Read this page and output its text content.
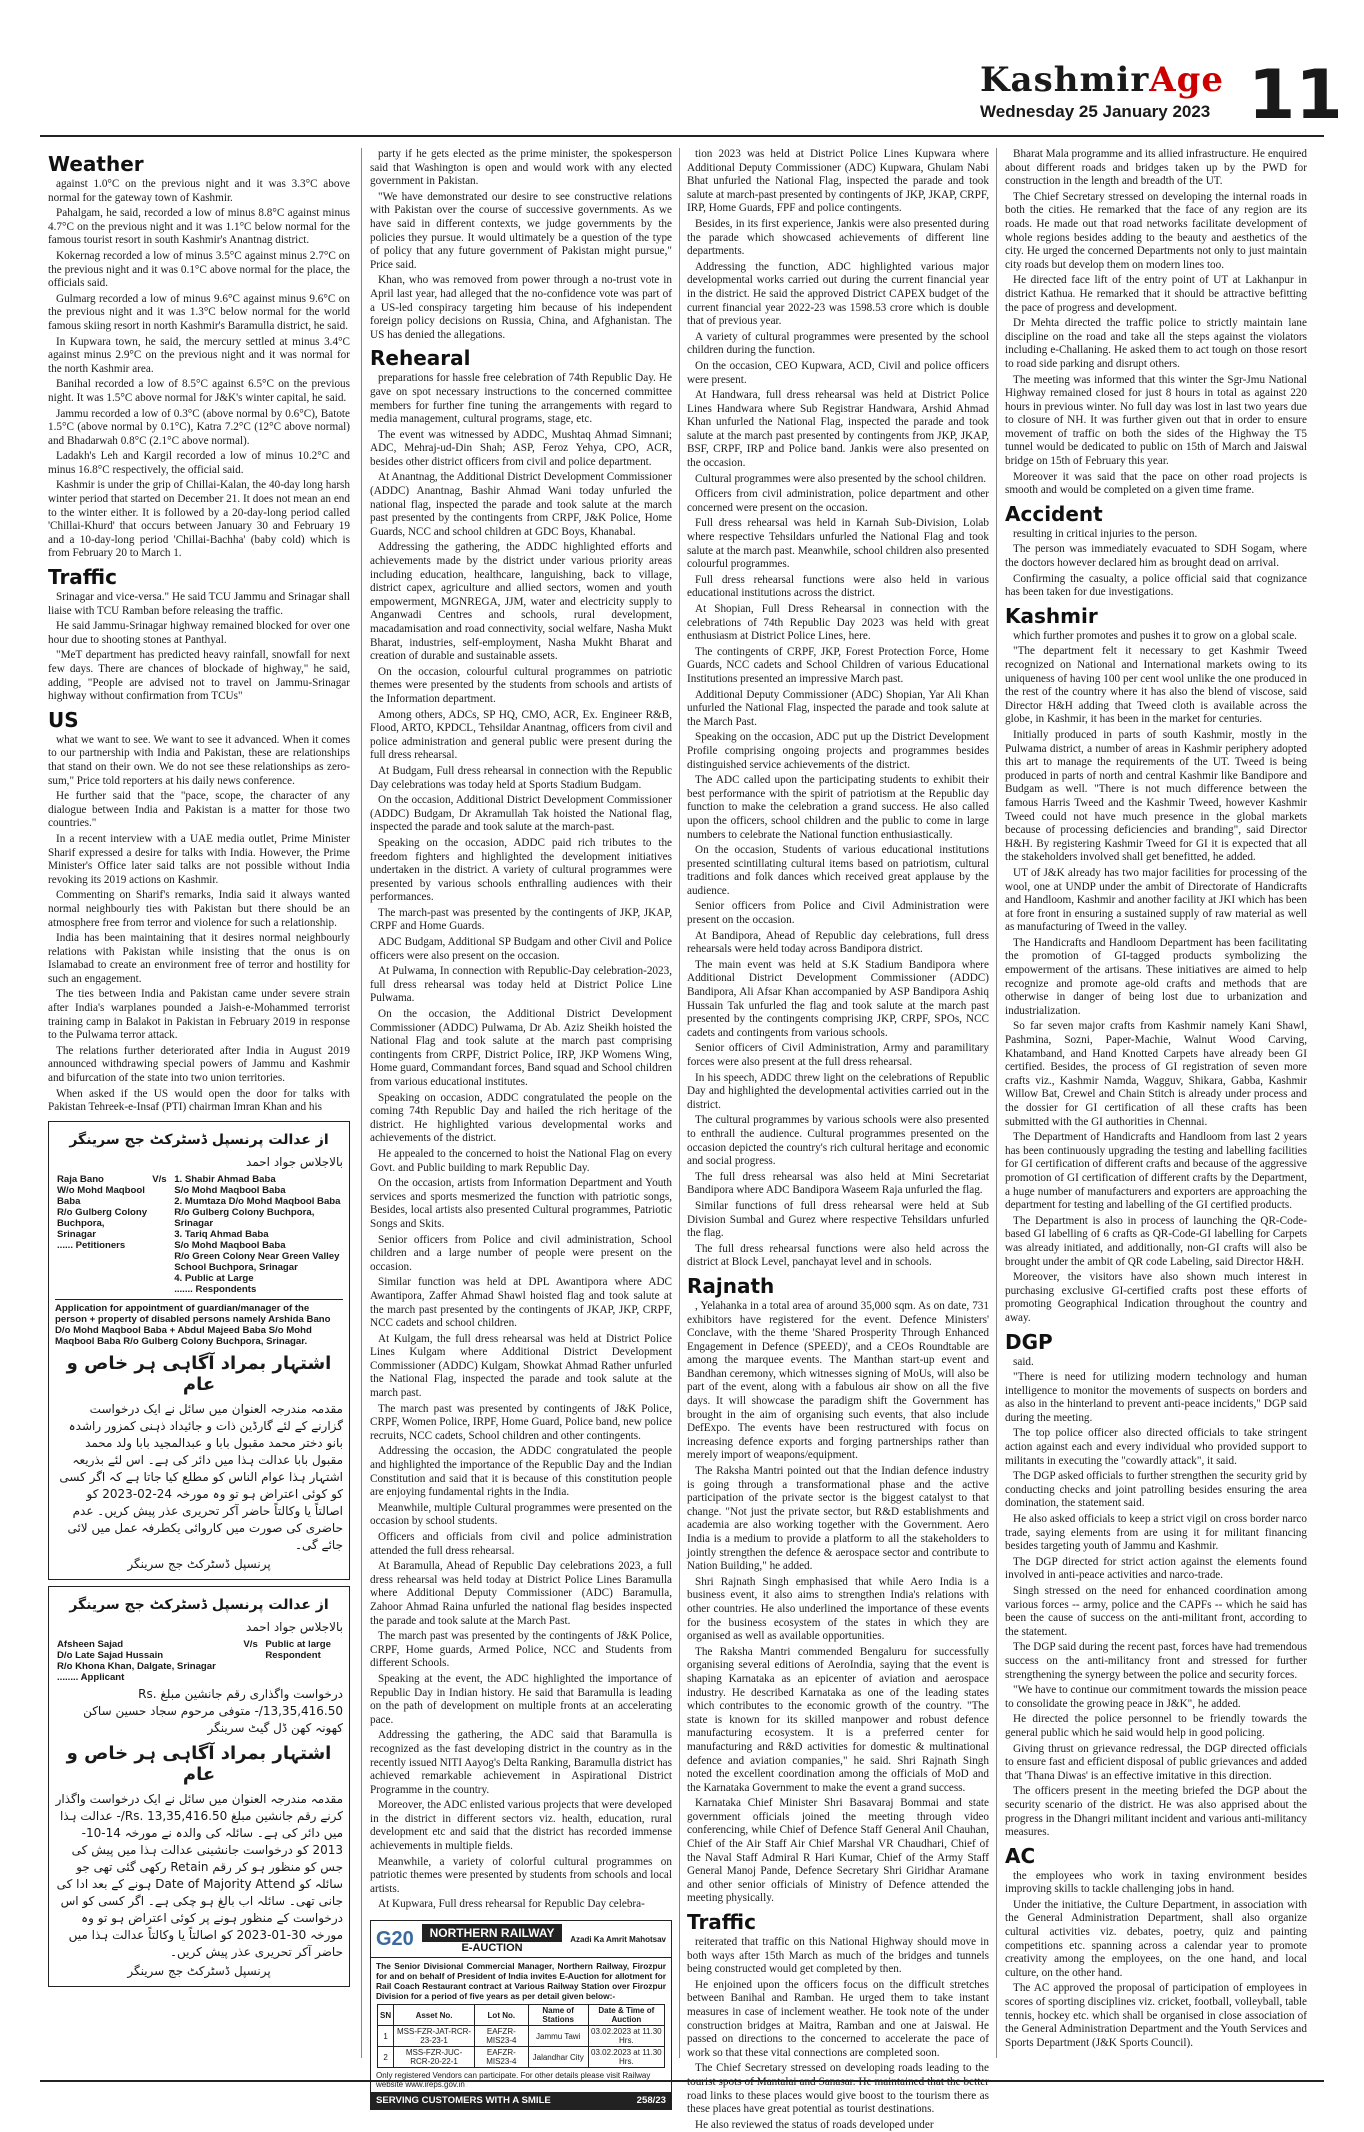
KashmirAge
Wednesday 25 January 2023 11
Weather

against 1.0°C on the previous night and it was 3.3°C above normal for the gateway town of Kashmir.

Pahalgam, he said, recorded a low of minus 8.8°C against minus 4.7°C on the previous night and it was 1.1°C below normal for the famous tourist resort in south Kashmir's Anantnag district.

Kokernag recorded a low of minus 3.5°C against minus 2.7°C on the previous night and it was 0.1°C above normal for the place, the officials said.

Gulmarg recorded a low of minus 9.6°C against minus 9.6°C on the previous night and it was 1.3°C below normal for the world famous skiing resort in north Kashmir's Baramulla district, he said.

In Kupwara town, he said, the mercury settled at minus 3.4°C against minus 2.9°C on the previous night and it was normal for the north Kashmir area.

Banihal recorded a low of 8.5°C against 6.5°C on the previous night. It was 1.5°C above normal for J&K's winter capital, he said.

Jammu recorded a low of 0.3°C (above normal by 0.6°C), Batote 1.5°C (above normal by 0.1°C), Katra 7.2°C (12°C above normal) and Bhadarwah 0.8°C (2.1°C above normal).

Ladakh's Leh and Kargil recorded a low of minus 10.2°C and minus 16.8°C respectively, the official said.

Kashmir is under the grip of Chillai-Kalan, the 40-day long harsh winter period that started on December 21. It does not mean an end to the winter either. It is followed by a 20-day-long period called 'Chillai-Khurd' that occurs between January 30 and February 19 and a 10-day-long period 'Chillai-Bachha' (baby cold) which is from February 20 to March 1.

Traffic

Srinagar and vice-versa." He said TCU Jammu and Srinagar shall liaise with TCU Ramban before releasing the traffic.

He said Jammu-Srinagar highway remained blocked for over one hour due to shooting stones at Panthyal.

"MeT department has predicted heavy rainfall, snowfall for next few days. There are chances of blockade of highway," he said, adding, "People are advised not to travel on Jammu-Srinagar highway without confirmation from TCUs"

US

what we want to see. We want to see it advanced. When it comes to our partnership with India and Pakistan, these are relationships that stand on their own. We do not see these relationships as zero-sum," Price told reporters at his daily news conference.

He further said that the "pace, scope, the character of any dialogue between India and Pakistan is a matter for those two countries."

In a recent interview with a UAE media outlet, Prime Minister Sharif expressed a desire for talks with India. However, the Prime Minister's Office later said talks are not possible without India revoking its 2019 actions on Kashmir.

Commenting on Sharif's remarks, India said it always wanted normal neighbourly ties with Pakistan but there should be an atmosphere free from terror and violence for such a relationship.

India has been maintaining that it desires normal neighbourly relations with Pakistan while insisting that the onus is on Islamabad to create an environment free of terror and hostility for such an engagement.

The ties between India and Pakistan came under severe strain after India's warplanes pounded a Jaish-e-Mohammed terrorist training camp in Balakot in Pakistan in February 2019 in response to the Pulwama terror attack.

The relations further deteriorated after India in August 2019 announced withdrawing special powers of Jammu and Kashmir and bifurcation of the state into two union territories.

When asked if the US would open the door for talks with Pakistan Tehreek-e-Insaf (PTI) chairman Imran Khan and his

از عدالت پرنسپل ڈسٹرکٹ جج سرینگر
بالاجلاس جواد احمد
Raja Bano
W/o Mohd Maqbool Baba
R/o Gulberg Colony Buchpora,
Srinagar
...... Petitioners
	V/s	1. Shabir Ahmad Baba
S/o Mohd Maqbool Baba
2. Mumtaza D/o Mohd Maqbool Baba
R/o Gulberg Colony Buchpora, Srinagar
3. Tariq Ahmad Baba
S/o Mohd Maqbool Baba
R/o Green Colony Near Green Valley School Buchpora, Srinagar
4. Public at Large
....... Respondents
Application for appointment of guardian/manager of the person + property of disabled persons namely Arshida Bano D/o Mohd Maqbool Baba + Abdul Majeed Baba S/o Mohd Maqbool Baba R/o Gulberg Colony Buchpora, Srinagar.
اشتہار بمراد آگاہی ہر خاص و عام
مقدمہ مندرجہ العنوان میں سائل نے ایک درخواست گزارنے کے لئے گارڈین ذات و جائیداد ذہنی کمزور راشدہ بانو دختر محمد مقبول بابا و عبدالمجید بابا ولد محمد مقبول بابا عدالت ہذا میں دائر کی ہے۔ اس لئے بذریعہ اشتہار ہذا عوام الناس کو مطلع کیا جاتا ہے کہ اگر کسی کو کوئی اعتراض ہو تو وہ مورخہ 24-02-2023 کو اصالتاً یا وکالتاً حاضر آکر تحریری عذر پیش کریں۔ عدم حاضری کی صورت میں کاروائی یکطرفہ عمل میں لائی جائے گی۔
پرنسپل ڈسٹرکٹ جج سرینگر
از عدالت پرنسپل ڈسٹرکٹ جج سرینگر
بالاجلاس جواد احمد
Afsheen Sajad
D/o Late Sajad Hussain
R/o Khona Khan, Dalgate, Srinagar
........ Applicant
	V/s	Public at large
Respondent
درخواست واگذاری رقم جانشین مبلغ Rs. 13,35,416.50/- متوفی مرحوم سجاد حسین ساکن کھونہ کھن ڈل گیٹ سرینگر
اشتہار بمراد آگاہی ہر خاص و عام
مقدمہ مندرجہ العنوان میں سائل نے ایک درخواست واگذار کرنے رقم جانشین مبلغ Rs. 13,35,416.50/- عدالت ہذا میں دائر کی ہے۔ سائلہ کی والدہ نے مورخہ 14-10-2013 کو درخواست جانشینی عدالت ہذا میں پیش کی جس کو منظور ہو کر رقم Retain رکھی گئی تھی جو سائلہ کو Date of Majority Attend ہونے کے بعد ادا کی جانی تھی۔ سائلہ اب بالغ ہو چکی ہے۔ اگر کسی کو اس درخواست کے منظور ہونے پر کوئی اعتراض ہو تو وہ مورخہ 30-01-2023 کو اصالتاً یا وکالتاً عدالت ہذا میں حاضر آکر تحریری عذر پیش کریں۔
پرنسپل ڈسٹرکٹ جج سرینگر

party if he gets elected as the prime minister, the spokesperson said that Washington is open and would work with any elected government in Pakistan.

"We have demonstrated our desire to see constructive relations with Pakistan over the course of successive governments. As we have said in different contexts, we judge governments by the policies they pursue. It would ultimately be a question of the type of policy that any future government of Pakistan might pursue," Price said.

Khan, who was removed from power through a no-trust vote in April last year, had alleged that the no-confidence vote was part of a US-led conspiracy targeting him because of his independent foreign policy decisions on Russia, China, and Afghanistan. The US has denied the allegations.

Rehearal

preparations for hassle free celebration of 74th Republic Day. He gave on spot necessary instructions to the concerned committee members for further fine tuning the arrangements with regard to media management, cultural programs, stage, etc.

The event was witnessed by ADDC, Mushtaq Ahmad Simnani; ADC, Mehraj-ud-Din Shah; ASP, Feroz Yehya, CPO, ACR, besides other district officers from civil and police department.

At Anantnag, the Additional District Development Commissioner (ADDC) Anantnag, Bashir Ahmad Wani today unfurled the national flag, inspected the parade and took salute at the march past presented by the contingents from CRPF, J&K Police, Home Guards, NCC and school children at GDC Boys, Khanabal.

Addressing the gathering, the ADDC highlighted efforts and achievements made by the district under various priority areas including education, healthcare, languishing, back to village, district capex, agriculture and allied sectors, women and youth empowerment, MGNREGA, JJM, water and electricity supply to Anganwadi Centres and schools, rural development, macadamisation and road connectivity, social welfare, Nasha Mukt Bharat, industries, self-employment, Nasha Mukht Bharat and creation of durable and sustainable assets.

On the occasion, colourful cultural programmes on patriotic themes were presented by the students from schools and artists of the Information department.

Among others, ADCs, SP HQ, CMO, ACR, Ex. Engineer R&B, Flood, ARTO, KPDCL, Tehsildar Anantnag, officers from civil and police administration and general public were present during the full dress rehearsal.

At Budgam, Full dress rehearsal in connection with the Republic Day celebrations was today held at Sports Stadium Budgam.

On the occasion, Additional District Development Commissioner (ADDC) Budgam, Dr Akramullah Tak hoisted the National flag, inspected the parade and took salute at the march-past.

Speaking on the occasion, ADDC paid rich tributes to the freedom fighters and highlighted the development initiatives undertaken in the district. A variety of cultural programmes were presented by various schools enthralling audiences with their performances.

The march-past was presented by the contingents of JKP, JKAP, CRPF and Home Guards.

ADC Budgam, Additional SP Budgam and other Civil and Police officers were also present on the occasion.

At Pulwama, In connection with Republic-Day celebration-2023, full dress rehearsal was today held at District Police Line Pulwama.

On the occasion, the Additional District Development Commissioner (ADDC) Pulwama, Dr Ab. Aziz Sheikh hoisted the National Flag and took salute at the march past comprising contingents from CRPF, District Police, IRP, JKP Womens Wing, Home guard, Commandant forces, Band squad and School children from various educational institutes.

Speaking on occasion, ADDC congratulated the people on the coming 74th Republic Day and hailed the rich heritage of the district. He highlighted various developmental works and achievements of the district.

He appealed to the concerned to hoist the National Flag on every Govt. and Public building to mark Republic Day.

On the occasion, artists from Information Department and Youth services and sports mesmerized the function with patriotic songs, Besides, local artists also presented Cultural programmes, Patriotic Songs and Skits.

Senior officers from Police and civil administration, School children and a large number of people were present on the occasion.

Similar function was held at DPL Awantipora where ADC Awantipora, Zaffer Ahmad Shawl hoisted flag and took salute at the march past presented by the contingents of JKAP, JKP, CRPF, NCC cadets and school children.

At Kulgam, the full dress rehearsal was held at District Police Lines Kulgam where Additional District Development Commissioner (ADDC) Kulgam, Showkat Ahmad Rather unfurled the National Flag, inspected the parade and took salute at the march past.

The march past was presented by contingents of J&K Police, CRPF, Women Police, IRPF, Home Guard, Police band, new police recruits, NCC cadets, School children and other contingents.

Addressing the occasion, the ADDC congratulated the people and highlighted the importance of the Republic Day and the Indian Constitution and said that it is because of this constitution people are enjoying fundamental rights in the India.

Meanwhile, multiple Cultural programmes were presented on the occasion by school students.

Officers and officials from civil and police administration attended the full dress rehearsal.

At Baramulla, Ahead of Republic Day celebrations 2023, a full dress rehearsal was held today at District Police Lines Baramulla where Additional Deputy Commissioner (ADC) Baramulla, Zahoor Ahmad Raina unfurled the national flag besides inspected the parade and took salute at the March Past.

The march past was presented by the contingents of J&K Police, CRPF, Home guards, Armed Police, NCC and Students from different Schools.

Speaking at the event, the ADC highlighted the importance of Republic Day in Indian history. He said that Baramulla is leading on the path of development on multiple fronts at an accelerating pace.

Addressing the gathering, the ADC said that Baramulla is recognized as the fast developing district in the country as in the recently issued NITI Aayog's Delta Ranking, Baramulla district has achieved remarkable achievement in Aspirational District Programme in the country.

Moreover, the ADC enlisted various projects that were developed in the district in different sectors viz. health, education, rural development etc and said that the district has recorded immense achievements in multiple fields.

Meanwhile, a variety of colorful cultural programmes on patriotic themes were presented by students from schools and local artists.

At Kupwara, Full dress rehearsal for Republic Day celebra-

G20	NORTHERN RAILWAY
E-AUCTION
Azadi Ka Amrit Mahotsav
The Senior Divisional Commercial Manager, Northern Railway, Firozpur for and on behalf of President of India invites E-Auction for allotment for Rail Coach Restaurant contract at Various Railway Station over Firozpur Division for a period of five years as per detail given below:-
SN	Asset No.	Lot No.	Name of Stations	Date & Time of Auction
1	MSS-FZR-JAT-RCR-23-23-1	EAFZR-MIS23-4	Jammu Tawi	03.02.2023 at 11.30 Hrs.
2	MSS-FZR-JUC-RCR-20-22-1	EAFZR-MIS23-4	Jalandhar City	03.02.2023 at 11.30 Hrs.
Only registered Vendors can participate. For other details please visit Railway website www.ireps.gov.in
SERVING CUSTOMERS WITH A SMILE	258/23

tion 2023 was held at District Police Lines Kupwara where Additional Deputy Commissioner (ADC) Kupwara, Ghulam Nabi Bhat unfurled the National Flag, inspected the parade and took salute at march-past presented by contingents of JKP, JKAP, CRPF, IRP, Home Guards, FPF and police contingents.

Besides, in its first experience, Jankis were also presented during the parade which showcased achievements of different line departments.

Addressing the function, ADC highlighted various major developmental works carried out during the current financial year in the district. He said the approved District CAPEX budget of the current financial year 2022-23 was 1598.53 crore which is double that of previous year.

A variety of cultural programmes were presented by the school children during the function.

On the occasion, CEO Kupwara, ACD, Civil and police officers were present.

At Handwara, full dress rehearsal was held at District Police Lines Handwara where Sub Registrar Handwara, Arshid Ahmad Khan unfurled the National Flag, inspected the parade and took salute at the march past presented by contingents from JKP, JKAP, BSF, CRPF, IRP and Police band. Jankis were also presented on the occasion.

Cultural programmes were also presented by the school children.

Officers from civil administration, police department and other concerned were present on the occasion.

Full dress rehearsal was held in Karnah Sub-Division, Lolab where respective Tehsildars unfurled the National Flag and took salute at the march past. Meanwhile, school children also presented colourful programmes.

Full dress rehearsal functions were also held in various educational institutions across the district.

At Shopian, Full Dress Rehearsal in connection with the celebrations of 74th Republic Day 2023 was held with great enthusiasm at District Police Lines, here.

The contingents of CRPF, JKP, Forest Protection Force, Home Guards, NCC cadets and School Children of various Educational Institutions presented an impressive March past.

Additional Deputy Commissioner (ADC) Shopian, Yar Ali Khan unfurled the National Flag, inspected the parade and took salute at the March Past.

Speaking on the occasion, ADC put up the District Development Profile comprising ongoing projects and programmes besides distinguished service achievements of the district.

The ADC called upon the participating students to exhibit their best performance with the spirit of patriotism at the Republic day function to make the celebration a grand success. He also called upon the officers, school children and the public to come in large numbers to celebrate the National function enthusiastically.

On the occasion, Students of various educational institutions presented scintillating cultural items based on patriotism, cultural traditions and folk dances which received great applause by the audience.

Senior officers from Police and Civil Administration were present on the occasion.

At Bandipora, Ahead of Republic day celebrations, full dress rehearsals were held today across Bandipora district.

The main event was held at S.K Stadium Bandipora where Additional District Development Commissioner (ADDC) Bandipora, Ali Afsar Khan accompanied by ASP Bandipora Ashiq Hussain Tak unfurled the flag and took salute at the march past presented by the contingents comprising JKP, CRPF, SPOs, NCC cadets and contingents from various schools.

Senior officers of Civil Administration, Army and paramilitary forces were also present at the full dress rehearsal.

In his speech, ADDC threw light on the celebrations of Republic Day and highlighted the developmental activities carried out in the district.

The cultural programmes by various schools were also presented to enthrall the audience. Cultural programmes presented on the occasion depicted the country's rich cultural heritage and economic and social progress.

The full dress rehearsal was also held at Mini Secretariat Bandipora where ADC Bandipora Waseem Raja unfurled the flag.

Similar functions of full dress rehearsal were held at Sub Division Sumbal and Gurez where respective Tehsildars unfurled the flag.

The full dress rehearsal functions were also held across the district at Block Level, panchayat level and in schools.

Rajnath

, Yelahanka in a total area of around 35,000 sqm. As on date, 731 exhibitors have registered for the event. Defence Ministers' Conclave, with the theme 'Shared Prosperity Through Enhanced Engagement in Defence (SPEED)', and a CEOs Roundtable are among the marquee events. The Manthan start-up event and Bandhan ceremony, which witnesses signing of MoUs, will also be part of the event, along with a fabulous air show on all the five days. It will showcase the paradigm shift the Government has brought in the aim of organising such events, that also include DefExpo. The events have been restructured with focus on increasing defence exports and forging partnerships rather than merely import of weapons/equipment.

The Raksha Mantri pointed out that the Indian defence industry is going through a transformational phase and the active participation of the private sector is the biggest catalyst to that change. "Not just the private sector, but R&D establishments and academia are also working together with the Government. Aero India is a medium to provide a platform to all the stakeholders to jointly strengthen the defence & aerospace sector and contribute to Nation Building," he added.

Shri Rajnath Singh emphasised that while Aero India is a business event, it also aims to strengthen India's relations with other countries. He also underlined the importance of these events for the business ecosystem of the states in which they are organised as well as available opportunities.

The Raksha Mantri commended Bengaluru for successfully organising several editions of AeroIndia, saying that the event is shaping Karnataka as an epicenter of aviation and aerospace industry. He described Karnataka as one of the leading states which contributes to the economic growth of the country. "The state is known for its skilled manpower and robust defence manufacturing ecosystem. It is a preferred center for manufacturing and R&D activities for domestic & multinational defence and aviation companies," he said. Shri Rajnath Singh noted the excellent coordination among the officials of MoD and the Karnataka Government to make the event a grand success.

Karnataka Chief Minister Shri Basavaraj Bommai and state government officials joined the meeting through video conferencing, while Chief of Defence Staff General Anil Chauhan, Chief of the Air Staff Air Chief Marshal VR Chaudhari, Chief of the Naval Staff Admiral R Hari Kumar, Chief of the Army Staff General Manoj Pande, Defence Secretary Shri Giridhar Aramane and other senior officials of Ministry of Defence attended the meeting physically.

Traffic

reiterated that traffic on this National Highway should move in both ways after 15th March as much of the bridges and tunnels being constructed would get completed by then.

He enjoined upon the officers focus on the difficult stretches between Banihal and Ramban. He urged them to take instant measures in case of inclement weather. He took note of the under construction bridges at Maitra, Ramban and one at Jaiswal. He passed on directions to the concerned to accelerate the pace of work so that these vital connections are completed soon.

The Chief Secretary stressed on developing roads leading to the tourist spots of Mantalai and Sanasar. He maintained that the better road links to these places would give boost to the tourism there as these places have great potential as tourist destinations.

He also reviewed the status of roads developed under

Bharat Mala programme and its allied infrastructure. He enquired about different roads and bridges taken up by the PWD for construction in the length and breadth of the UT.

The Chief Secretary stressed on developing the internal roads in both the cities. He remarked that the face of any region are its roads. He made out that road networks facilitate development of whole regions besides adding to the beauty and aesthetics of the city. He urged the concerned Departments not only to just maintain city roads but develop them on modern lines too.

He directed face lift of the entry point of UT at Lakhanpur in district Kathua. He remarked that it should be attractive befitting the pace of progress and development.

Dr Mehta directed the traffic police to strictly maintain lane discipline on the road and take all the steps against the violators including e-Challaning. He asked them to act tough on those resort to road side parking and disrupt others.

The meeting was informed that this winter the Sgr-Jmu National Highway remained closed for just 8 hours in total as against 220 hours in previous winter. No full day was lost in last two years due to closure of NH. It was further given out that in order to ensure movement of traffic on both the sides of the Highway the T5 tunnel would be dedicated to public on 15th of March and Jaiswal bridge on 15th of February this year.

Moreover it was said that the pace on other road projects is smooth and would be completed on a given time frame.

Accident

resulting in critical injuries to the person.

The person was immediately evacuated to SDH Sogam, where the doctors however declared him as brought dead on arrival.

Confirming the casualty, a police official said that cognizance has been taken for due investigations.

Kashmir

which further promotes and pushes it to grow on a global scale.

"The department felt it necessary to get Kashmir Tweed recognized on National and International markets owing to its uniqueness of having 100 per cent wool unlike the one produced in the rest of the country where it has also the blend of viscose, said Director H&H adding that Tweed cloth is available across the globe, in Kashmir, it has been in the market for centuries.

Initially produced in parts of south Kashmir, mostly in the Pulwama district, a number of areas in Kashmir periphery adopted this art to manage the requirements of the UT. Tweed is being produced in parts of north and central Kashmir like Bandipore and Budgam as well. "There is not much difference between the famous Harris Tweed and the Kashmir Tweed, however Kashmir Tweed could not have much presence in the global markets because of processing deficiencies and branding", said Director H&H. By registering Kashmir Tweed for GI it is expected that all the stakeholders involved shall get benefitted, he added.

UT of J&K already has two major facilities for processing of the wool, one at UNDP under the ambit of Directorate of Handicrafts and Handloom, Kashmir and another facility at JKI which has been at fore front in ensuring a sustained supply of raw material as well as manufacturing of Tweed in the valley.

The Handicrafts and Handloom Department has been facilitating the promotion of GI-tagged products symbolizing the empowerment of the artisans. These initiatives are aimed to help recognize and promote age-old crafts and methods that are otherwise in danger of being lost due to urbanization and industrialization.

So far seven major crafts from Kashmir namely Kani Shawl, Pashmina, Sozni, Paper-Machie, Walnut Wood Carving, Khatamband, and Hand Knotted Carpets have already been GI certified. Besides, the process of GI registration of seven more crafts viz., Kashmir Namda, Wagguv, Shikara, Gabba, Kashmir Willow Bat, Crewel and Chain Stitch is already under process and the dossier for GI certification of all these crafts has been submitted with the GI authorities in Chennai.

The Department of Handicrafts and Handloom from last 2 years has been continuously upgrading the testing and labelling facilities for GI certification of different crafts and because of the aggressive promotion of GI certification of different crafts by the Department, a huge number of manufacturers and exporters are approaching the department for testing and labelling of the GI certified products.

The Department is also in process of launching the QR-Code-based GI labelling of 6 crafts as QR-Code-GI labelling for Carpets was already initiated, and additionally, non-GI crafts will also be brought under the ambit of QR code Labeling, said Director H&H.

Moreover, the visitors have also shown much interest in purchasing exclusive GI-certified crafts post these efforts of promoting Geographical Indication throughout the country and away.

DGP

said.

"There is need for utilizing modern technology and human intelligence to monitor the movements of suspects on borders and as also in the hinterland to prevent anti-peace incidents," DGP said during the meeting.

The top police officer also directed officials to take stringent action against each and every individual who provided support to militants in executing the "cowardly attack", it said.

The DGP asked officials to further strengthen the security grid by conducting checks and joint patrolling besides ensuring the area domination, the statement said.

He also asked officials to keep a strict vigil on cross border narco trade, saying elements from are using it for militant financing besides targeting youth of Jammu and Kashmir.

The DGP directed for strict action against the elements found involved in anti-peace activities and narco-trade.

Singh stressed on the need for enhanced coordination among various forces -- army, police and the CAPFs -- which he said has been the cause of success on the anti-militant front, according to the statement.

The DGP said during the recent past, forces have had tremendous success on the anti-militancy front and stressed for further strengthening the synergy between the police and security forces.

"We have to continue our commitment towards the mission peace to consolidate the growing peace in J&K", he added.

He directed the police personnel to be friendly towards the general public which he said would help in good policing.

Giving thrust on grievance redressal, the DGP directed officials to ensure fast and efficient disposal of public grievances and added that 'Thana Diwas' is an effective imitative in this direction.

The officers present in the meeting briefed the DGP about the security scenario of the district. He was also apprised about the progress in the Dhangri militant incident and various anti-militancy measures.

AC

the employees who work in taxing environment besides improving skills to tackle challenging jobs in hand.

Under the initiative, the Culture Department, in association with the General Administration Department, shall also organize cultural activities viz. debates, poetry, quiz and painting competitions etc. spanning across a calendar year to promote creativity among the employees, on the one hand, and local culture, on the other hand.

The AC approved the proposal of participation of employees in scores of sporting disciplines viz. cricket, football, volleyball, table tennis, hockey etc. which shall be organised in close association of the General Administration Department and the Youth Services and Sports Department (J&K Sports Council).
